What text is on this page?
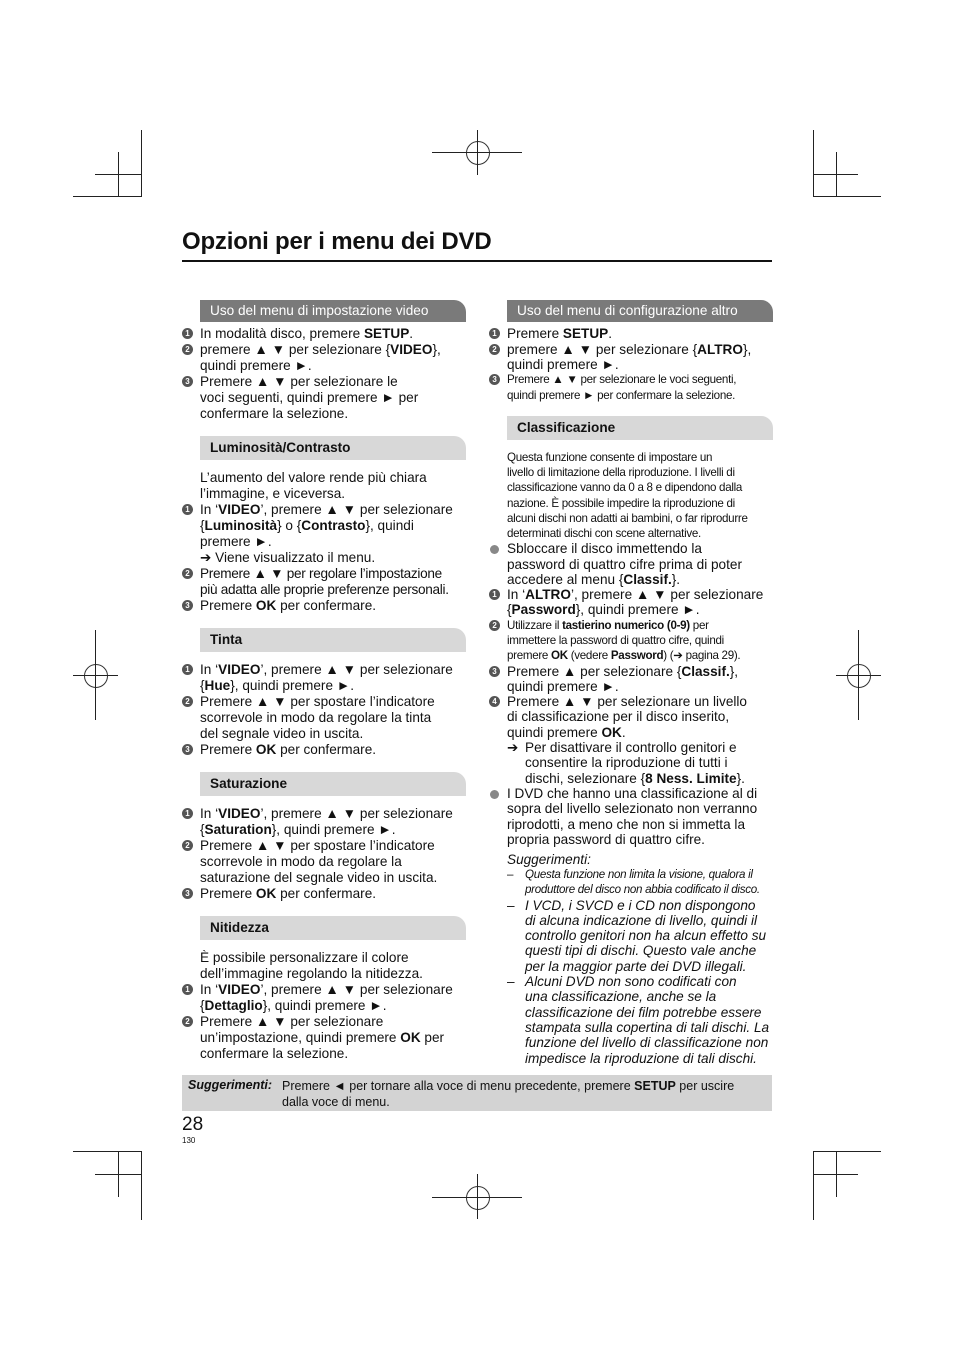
Opzioni per i menu dei DVD
Uso del menu di impostazione video
1 In modalità disco, premere SETUP.
2 premere ▲ ▼ per selezionare {VIDEO},
quindi premere ►.
3 Premere ▲ ▼ per selezionare le
voci seguenti, quindi premere ► per
confermare la selezione.
Luminosità/Contrasto
L’aumento del valore rende più chiara
l’immagine, e viceversa.
1 In ‘VIDEO’, premere ▲ ▼ per selezionare
{Luminosità} o {Contrasto}, quindi
premere ►.
➔ Viene visualizzato il menu.
2 Premere ▲ ▼ per regolare l’impostazione
più adatta alle proprie preferenze personali.
3 Premere OK per confermare.
Tinta
1 In ‘VIDEO’, premere ▲ ▼ per selezionare
{Hue}, quindi premere ►.
2 Premere ▲ ▼ per spostare l’indicatore
scorrevole in modo da regolare la tinta
del segnale video in uscita.
3 Premere OK per confermare.
Saturazione
1 In ‘VIDEO’, premere ▲ ▼ per selezionare
{Saturation}, quindi premere ►.
2 Premere ▲ ▼ per spostare l’indicatore
scorrevole in modo da regolare la
saturazione del segnale video in uscita.
3 Premere OK per confermare.
Nitidezza
È possibile personalizzare il colore
dell’immagine regolando la nitidezza.
1 In ‘VIDEO’, premere ▲ ▼ per selezionare
{Dettaglio}, quindi premere ►.
2 Premere ▲ ▼ per selezionare
un’impostazione, quindi premere OK per
confermare la selezione.
Uso del menu di configurazione altro
1 Premere SETUP.
2 premere ▲ ▼ per selezionare {ALTRO},
quindi premere ►.
3 Premere ▲ ▼ per selezionare le voci seguenti,
quindi premere ► per confermare la selezione.
Classificazione
Questa funzione consente di impostare un
livello di limitazione della riproduzione. I livelli di
classificazione vanno da 0 a 8 e dipendono dalla
nazione. È possibile impedire la riproduzione di
alcuni dischi non adatti ai bambini, o far riprodurre
determinati dischi con scene alternative.
Sbloccare il disco immettendo la
password di quattro cifre prima di poter
accedere al menu {Classif.}.
1 In ‘ALTRO’, premere ▲ ▼ per selezionare
{Password}, quindi premere ►.
2 Utilizzare il tastierino numerico (0-9) per
immettere la password di quattro cifre, quindi
premere OK (vedere Password) (➔ pagina 29).
3 Premere ▲ per selezionare {Classif.},
quindi premere ►.
4 Premere ▲ ▼ per selezionare un livello
di classificazione per il disco inserito,
quindi premere OK.
➔ Per disattivare il controllo genitori e
consentire la riproduzione di tutti i
dischi, selezionare {8 Ness. Limite}.
I DVD che hanno una classificazione al di
sopra del livello selezionato non verranno
riprodotti, a meno che non si immetta la
propria password di quattro cifre.
Suggerimenti:
– Questa funzione non limita la visione, qualora il
produttore del disco non abbia codificato il disco.
– I VCD, i SVCD e i CD non dispongono
di alcuna indicazione di livello, quindi il
controllo genitori non ha alcun effetto su
questi tipi di dischi. Questo vale anche
per la maggior parte dei DVD illegali.
– Alcuni DVD non sono codificati con
una classificazione, anche se la
classificazione dei film potrebbe essere
stampata sulla copertina di tali dischi. La
funzione del livello di classificazione non
impedisce la riproduzione di tali dischi.
Suggerimenti: Premere ◄ per tornare alla voce di menu precedente, premere SETUP per uscire
dalla voce di menu.
28
130
